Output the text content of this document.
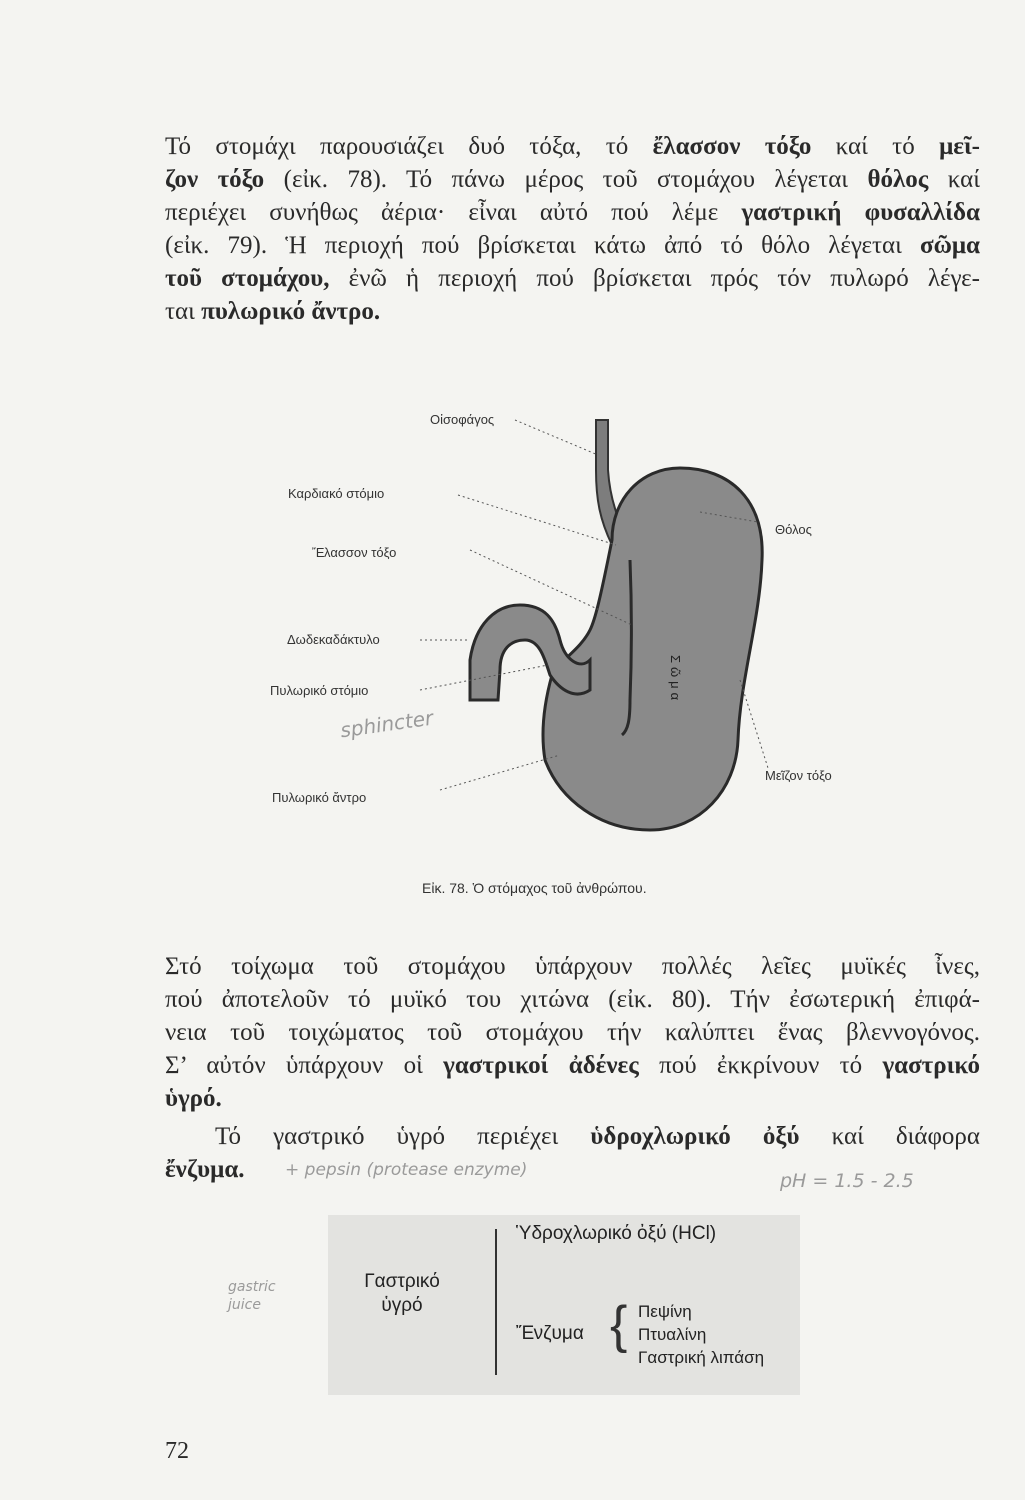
Τό στομάχι παρουσιάζει δυό τόξα, τό ἔλασσον τόξο καί τό μεῖ-
ζον τόξο (εἰκ. 78). Τό πάνω μέρος τοῦ στομάχου λέγεται θόλος καί
περιέχει συνήθως ἀέρια· εἶναι αὐτό πού λέμε γαστρική φυσαλλίδα
(εἰκ. 79). Ἡ περιοχή πού βρίσκεται κάτω ἀπό τό θόλο λέγεται σῶμα
τοῦ στομάχου, ἐνῶ ἡ περιοχή πού βρίσκεται πρός τόν πυλωρό λέγε-
ται πυλωρικό ἄντρο.
Οἰσοφάγος
Καρδιακό στόμιο
Ἔλασσον τόξο
Δωδεκαδάκτυλο
Πυλωρικό στόμιο
Πυλωρικό ἄντρο
Θόλος
Μεῖζον τόξο
Σῶμα
sphincter
Εἰκ. 78. Ὁ στόμαχος τοῦ ἀνθρώπου.
Στό τοίχωμα τοῦ στομάχου ὑπάρχουν πολλές λεῖες μυϊκές ἶνες,
πού ἀποτελοῦν τό μυϊκό του χιτώνα (εἰκ. 80). Τήν ἐσωτερική ἐπιφά-
νεια τοῦ τοιχώματος τοῦ στομάχου τήν καλύπτει ἕνας βλεννογόνος.
Σ’ αὐτόν ὑπάρχουν οἱ γαστρικοί ἀδένες πού ἐκκρίνουν τό γαστρικό
ὑγρό.
Τό γαστρικό ὑγρό περιέχει ὑδροχλωρικό ὀξύ καί διάφορα
ἔνζυμα.	+ pepsin (protease enzyme)	pH = 1.5 - 2.5
gastric juice
Γαστρικό ὑγρό
Ὑδροχλωρικό ὀξύ (HCl)
Ἔνζυμα { Πεψίνη
Πτυαλίνη
Γαστρική λιπάση
72
